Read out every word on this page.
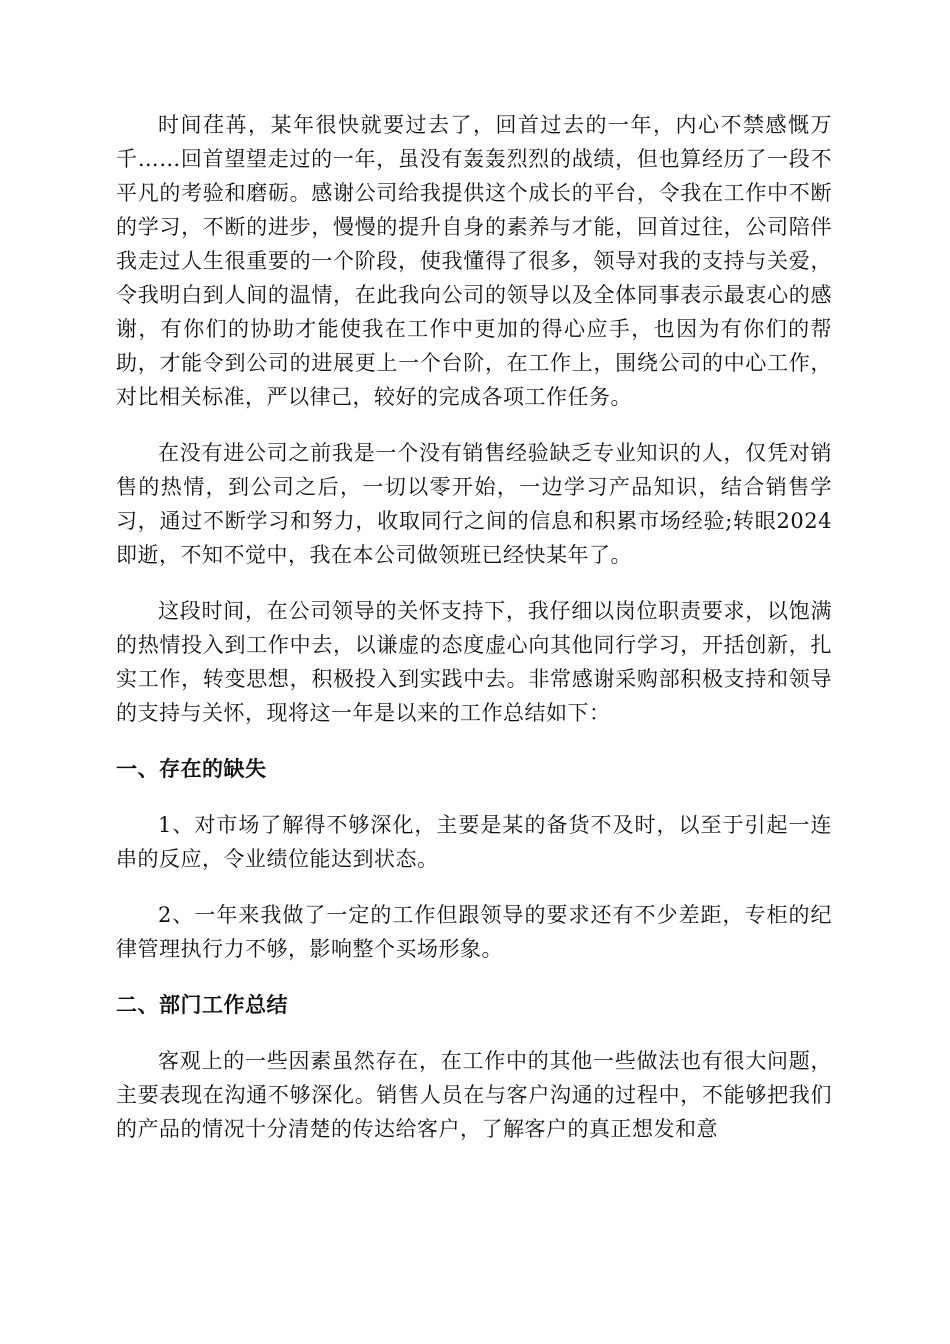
时间荏苒，某年很快就要过去了，回首过去的一年，内心不禁感慨万千……回首望望走过的一年，虽没有轰轰烈烈的战绩，但也算经历了一段不平凡的考验和磨砺。感谢公司给我提供这个成长的平台，令我在工作中不断的学习，不断的进步，慢慢的提升自身的素养与才能，回首过往，公司陪伴我走过人生很重要的一个阶段，使我懂得了很多，领导对我的支持与关爱，令我明白到人间的温情，在此我向公司的领导以及全体同事表示最衷心的感谢，有你们的协助才能使我在工作中更加的得心应手，也因为有你们的帮助，才能令到公司的进展更上一个台阶，在工作上，围绕公司的中心工作，对比相关标准，严以律己，较好的完成各项工作任务。

在没有进公司之前我是一个没有销售经验缺乏专业知识的人，仅凭对销售的热情，到公司之后，一切以零开始，一边学习产品知识，结合销售学习，通过不断学习和努力，收取同行之间的信息和积累市场经验;转眼2024即逝，不知不觉中，我在本公司做领班已经快某年了。

这段时间，在公司领导的关怀支持下，我仔细以岗位职责要求，以饱满的热情投入到工作中去，以谦虚的态度虚心向其他同行学习，开括创新，扎实工作，转变思想，积极投入到实践中去。非常感谢采购部积极支持和领导的支持与关怀，现将这一年是以来的工作总结如下：

一、存在的缺失

1、对市场了解得不够深化，主要是某的备货不及时，以至于引起一连串的反应，令业绩位能达到状态。

2、一年来我做了一定的工作但跟领导的要求还有不少差距，专柜的纪律管理执行力不够，影响整个买场形象。

二、部门工作总结

客观上的一些因素虽然存在，在工作中的其他一些做法也有很大问题，主要表现在沟通不够深化。销售人员在与客户沟通的过程中，不能够把我们的产品的情况十分清楚的传达给客户，了解客户的真正想发和意
